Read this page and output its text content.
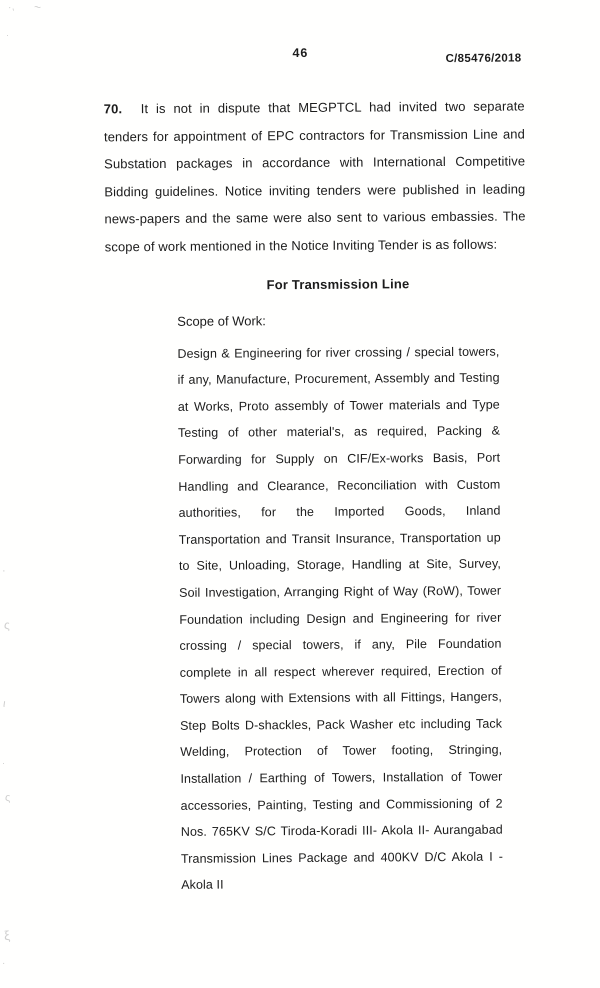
·, ~
·
·
ς
ι
·
ς
ξ
·
46	C/85476/2018

70. It is not in dispute that MEGPTCL had invited two separate tenders for appointment of EPC contractors for Transmission Line and Substation packages in accordance with International Competitive Bidding guidelines. Notice inviting tenders were published in leading news-papers and the same were also sent to various embassies. The scope of work mentioned in the Notice Inviting Tender is as follows:

For Transmission Line

Scope of Work:

Design & Engineering for river crossing / special towers, if any, Manufacture, Procurement, Assembly and Testing at Works, Proto assembly of Tower materials and Type Testing of other material's, as required, Packing & Forwarding for Supply on CIF/Ex-works Basis, Port Handling and Clearance, Reconciliation with Custom authorities, for the Imported Goods, Inland Transportation and Transit Insurance, Transportation up to Site, Unloading, Storage, Handling at Site, Survey, Soil Investigation, Arranging Right of Way (RoW), Tower Foundation including Design and Engineering for river crossing / special towers, if any, Pile Foundation complete in all respect wherever required, Erection of Towers along with Extensions with all Fittings, Hangers, Step Bolts D-shackles, Pack Washer etc including Tack Welding, Protection of Tower footing, Stringing, Installation / Earthing of Towers, Installation of Tower accessories, Painting, Testing and Commissioning of 2 Nos. 765KV S/C Tiroda-Koradi III- Akola II- Aurangabad Transmission Lines Package and 400KV D/C Akola I - Akola II
